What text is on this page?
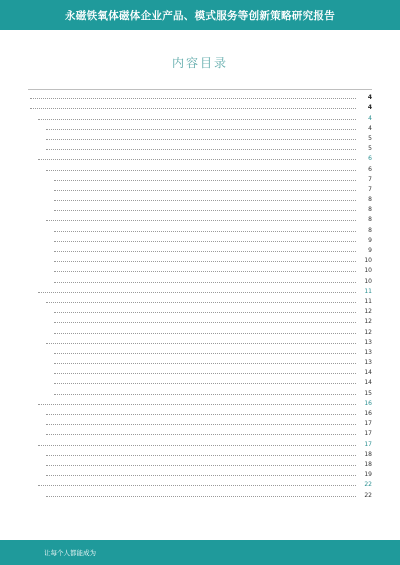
永磁铁氧体磁体企业产品、模式服务等创新策略研究报告
内容目录
4
4
4
4
5
5
6
6
7
7
8
8
8
8
9
9
10
10
10
11
11
12
12
12
13
13
13
14
14
15
16
16
17
17
17
18
18
19
22
22
让每个人都能成为
